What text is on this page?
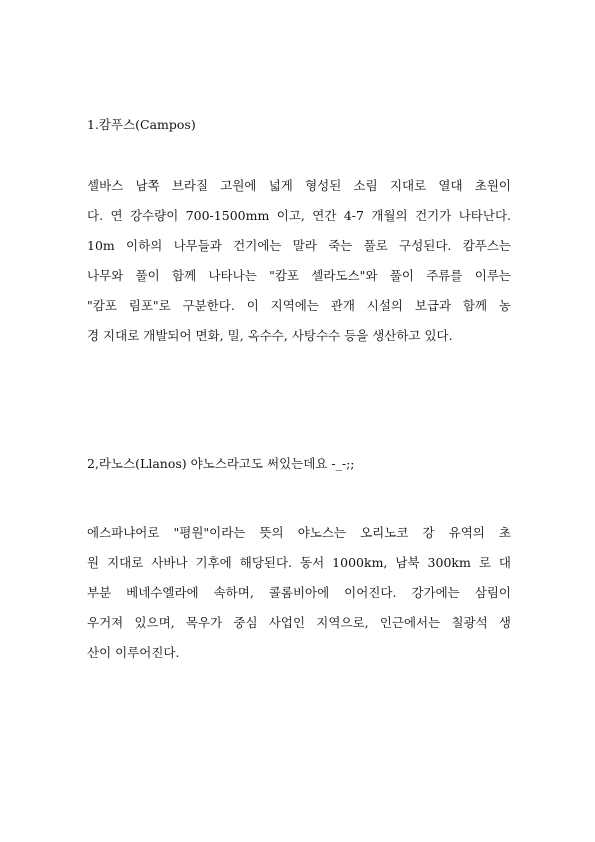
1.캄푸스(Campos)
셀바스 남쪽 브라질 고원에 넓게 형성된 소림 지대로 열대 초원이
다. 연 강수량이 700-1500mm 이고, 연간 4-7 개월의 건기가 나타난다.
10m 이하의 나무들과 건기에는 말라 죽는 풀로 구성된다. 캄푸스는
나무와 풀이 함께 나타나는 "캄포 셀라도스"와 풀이 주류를 이루는
"캄포 림포"로 구분한다. 이 지역에는 관개 시설의 보급과 함께 농
경 지대로 개발되어 면화, 밀, 옥수수, 사탕수수 등을 생산하고 있다.
2,라노스(Llanos) 야노스라고도 써있는데요 -_-;;
에스파냐어로 "평원"이라는 뜻의 야노스는 오리노코 강 유역의 초
원 지대로 사바나 기후에 해당된다. 동서 1000km, 남북 300km 로 대
부분 베네수엘라에 속하며, 콜롬비아에 이어진다. 강가에는 삼림이
우거져 있으며, 목우가 중심 사업인 지역으로, 인근에서는 칠광석 생
산이 이루어진다.
